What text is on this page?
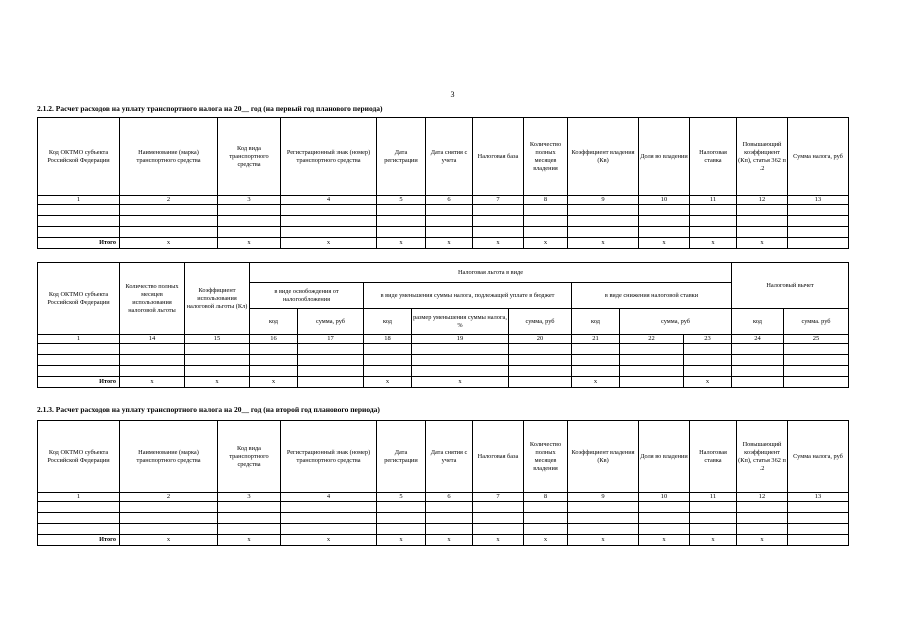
3
2.1.2. Расчет расходов на уплату транспортного налога на 20__ год (на первый год планового периода)
Код ОКТМО субъекта Российской Федерации	Наименование (марка) транспортного средства	Код вида транспортного средства	Регистрационный знак (номер) транспортного средства	Дата регистрации	Дата снятия с учета	Налоговая база	Количество полных месяцев владения	Коэффициент владения (Кв)	Доля во владении	Налоговая ставка	Повышающий коэффициент (Кп), статья 362 п .2	Сумма налога, руб
1	2	3	4	5	6	7	8	9	10	11	12	13

Итого	x	x	x	x	x	x	x	x	x	x	x	
Код ОКТМО субъекта Российской Федерации	Количество полных месяцев использования налоговой льготы	Коэффициент использования налоговой льготы (Кл)	Налоговая льгота в виде								Налоговый вычет	
			в виде освобождения от налогообложения		в виде уменьшения суммы налога, подлежащей уплате в бюджет			в виде снижения налоговой ставки					
			код	сумма, руб	код	размер уменьшения суммы налога, %	сумма, руб	код	сумма, руб		код	сумма. руб	
1	14	15	16	17	18	19	20	21	22	23	24	25	

Итого	x	x	x		x	x		x		x			
2.1.3. Расчет расходов на уплату транспортного налога на 20__ год (на второй год планового периода)
Код ОКТМО субъекта Российской Федерации	Наименование (марка) транспортного средства	Код вида транспортного средства	Регистрационный знак (номер) транспортного средства	Дата регистрации	Дата снятия с учета	Налоговая база	Количество полных месяцев владения	Коэффициент владения (Кв)	Доля во владении	Налоговая ставка	Повышающий коэффициент (Кп), статья 362 п .2	Сумма налога, руб
1	2	3	4	5	6	7	8	9	10	11	12	13

Итого	x	x	x	x	x	x	x	x	x	x	x	
